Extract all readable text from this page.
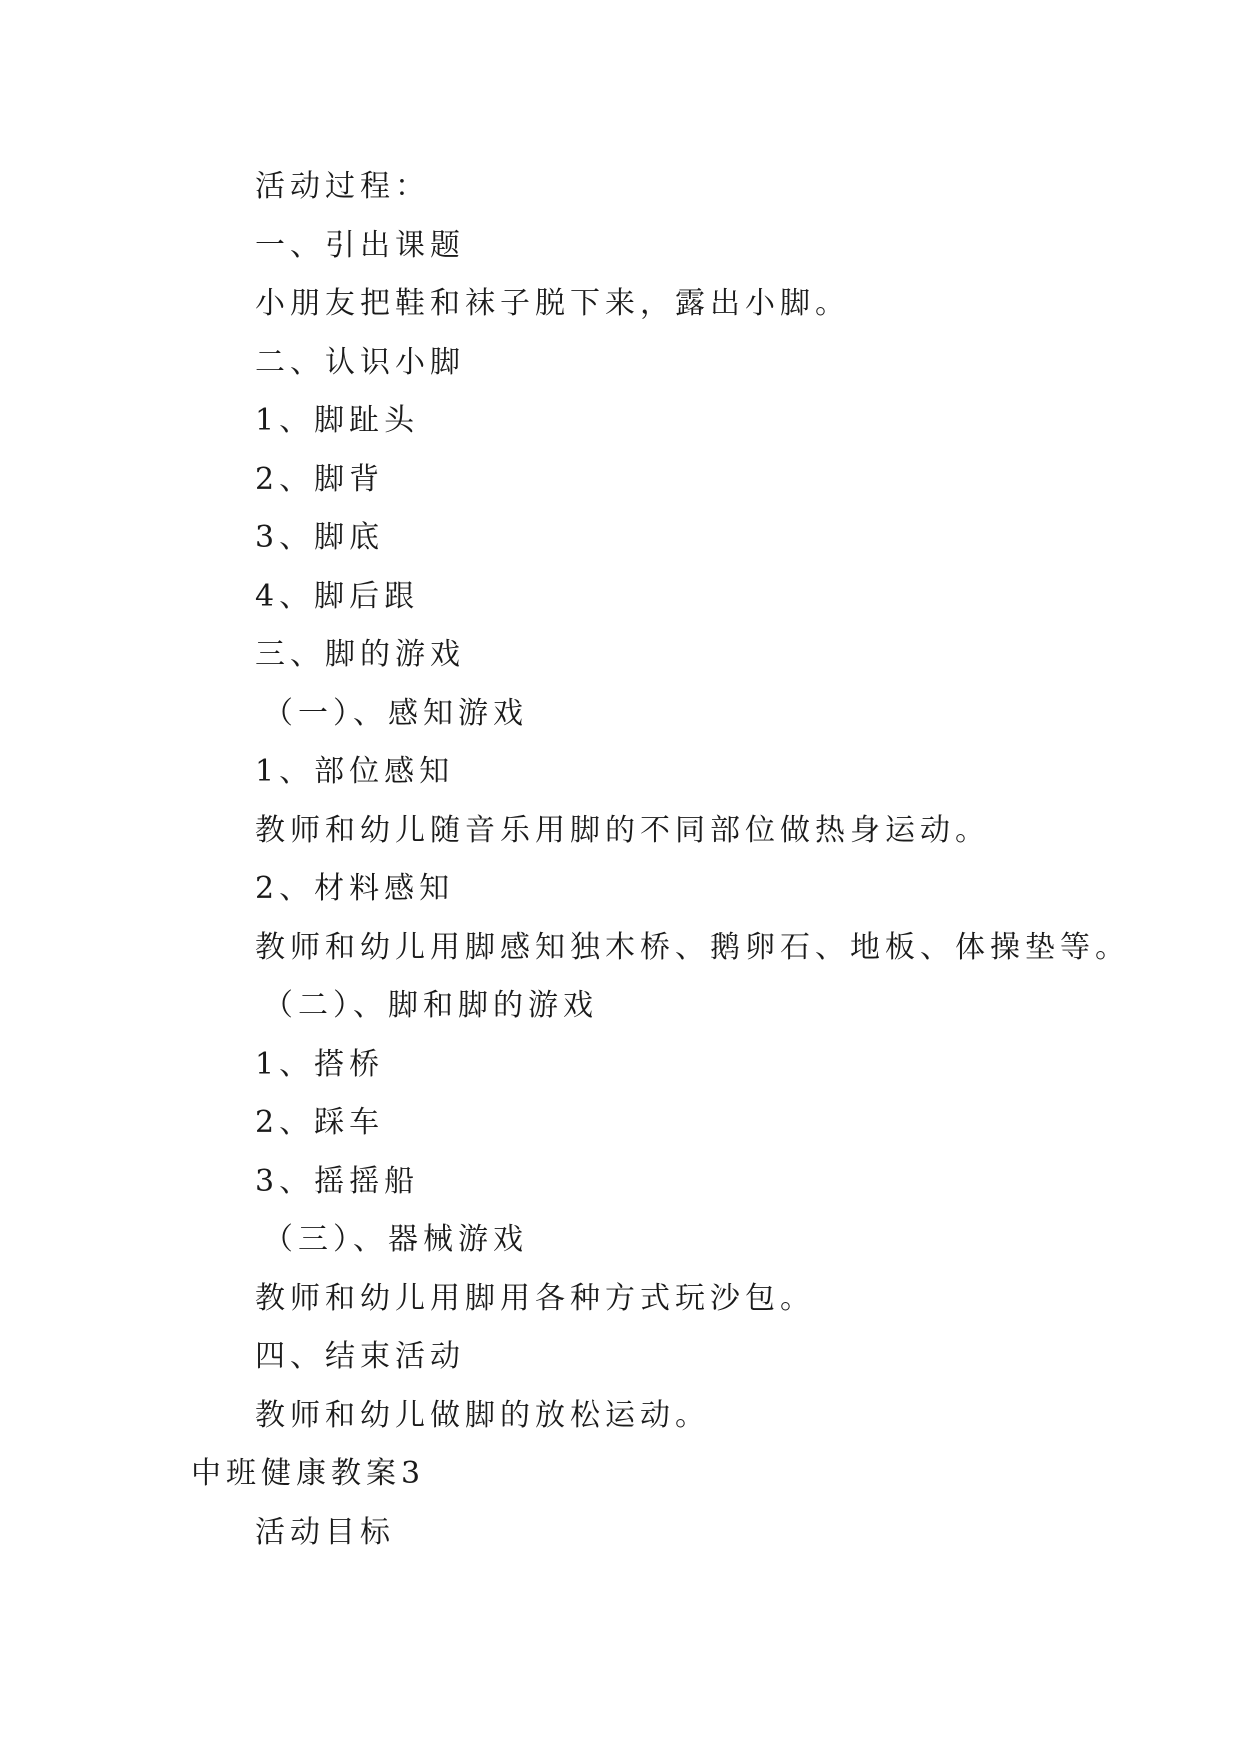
活动过程：

一、引出课题

小朋友把鞋和袜子脱下来，露出小脚。

二、认识小脚

1、脚趾头

2、脚背

3、脚底

4、脚后跟

三、脚的游戏

（一）、感知游戏

1、部位感知

教师和幼儿随音乐用脚的不同部位做热身运动。

2、材料感知

教师和幼儿用脚感知独木桥、鹅卵石、地板、体操垫等。

（二）、脚和脚的游戏

1、搭桥

2、踩车

3、摇摇船

（三）、器械游戏

教师和幼儿用脚用各种方式玩沙包。

四、结束活动

教师和幼儿做脚的放松运动。

中班健康教案3

活动目标
